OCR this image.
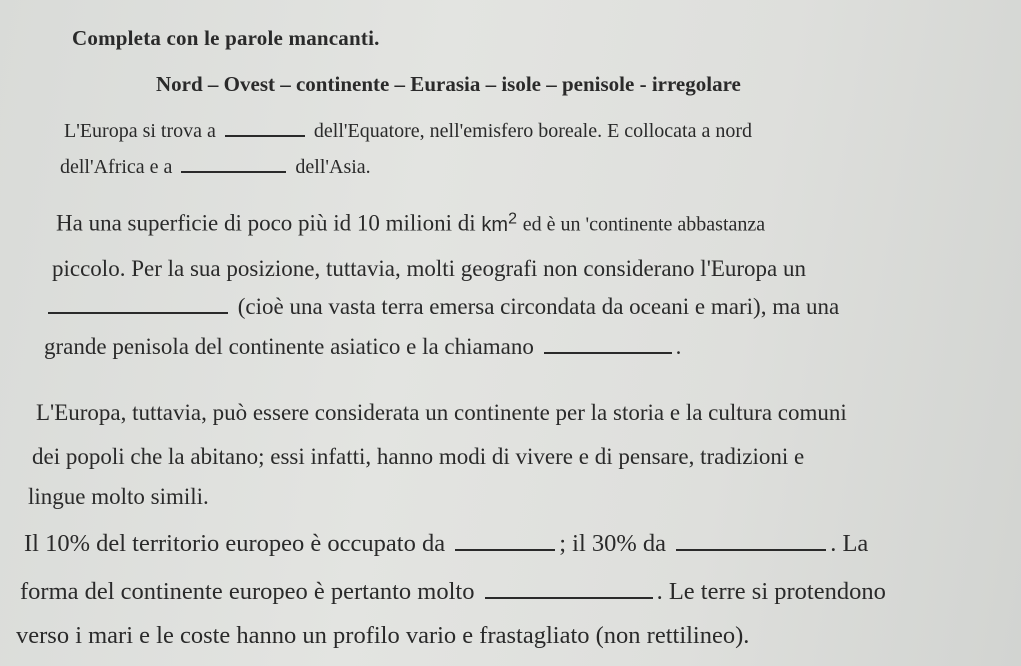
Completa con le parole mancanti.
Nord – Ovest – continente – Eurasia – isole – penisole - irregolare
L'Europa si trova a	dell'Equatore, nell'emisfero boreale. E collocata a nord
dell'Africa e a	dell'Asia.
Ha una superficie di poco più id 10 milioni di $km^2$ ed è un 'continente abbastanza
piccolo. Per la sua posizione, tuttavia, molti geografi non considerano l'Europa un
(cioè una vasta terra emersa circondata da oceani e mari), ma una
grande penisola del continente asiatico e la chiamano	.
L'Europa, tuttavia, può essere considerata un continente per la storia e la cultura comuni
dei popoli che la abitano; essi infatti, hanno modi di vivere e di pensare, tradizioni e
lingue molto simili.
Il 10% del territorio europeo è occupato da	; il 30% da	. La
forma del continente europeo è pertanto molto	. Le terre si protendono
verso i mari e le coste hanno un profilo vario e frastagliato (non rettilineo).
